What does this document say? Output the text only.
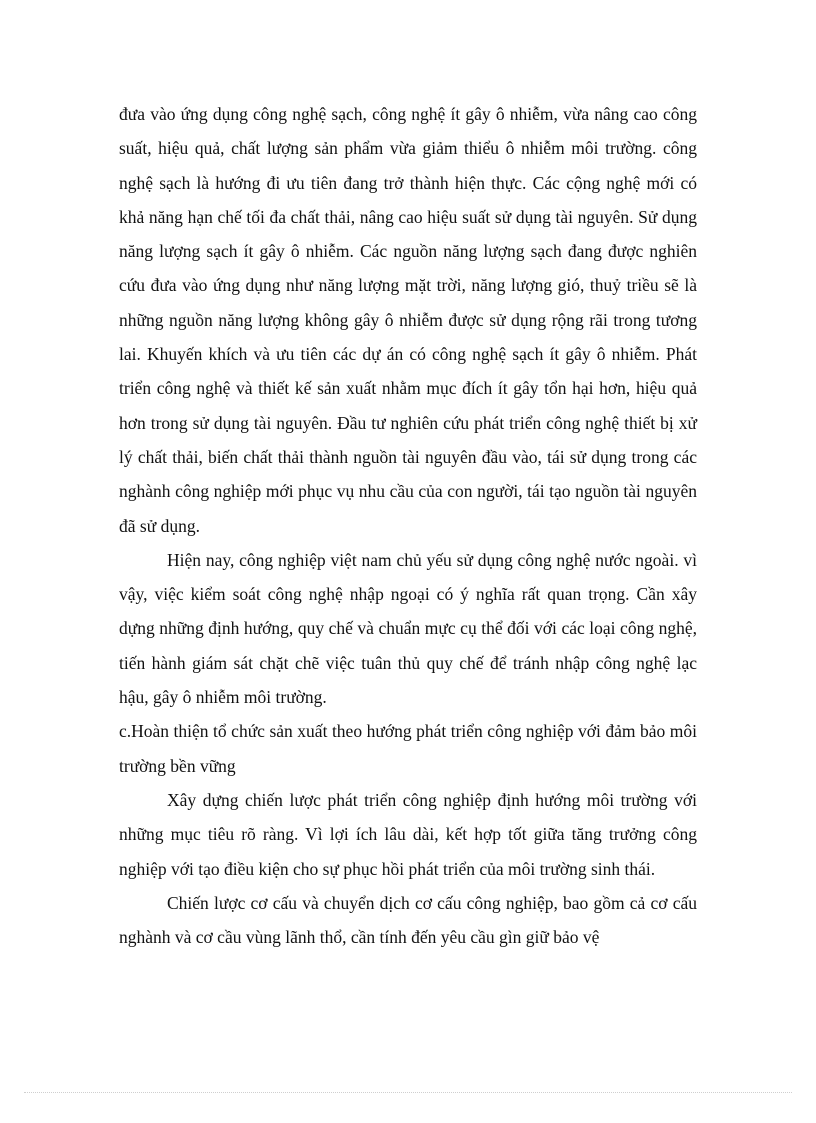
đưa vào ứng dụng công nghệ sạch, công nghệ ít gây ô nhiễm, vừa nâng cao công suất, hiệu quả, chất lượng sản phẩm vừa giảm thiểu ô nhiễm môi trường. công nghệ sạch là hướng đi ưu tiên đang trở thành hiện thực. Các cộng nghệ mới có khả năng hạn chế tối đa chất thải, nâng cao hiệu suất sử dụng tài nguyên. Sử dụng năng lượng sạch ít gây ô nhiễm. Các nguồn năng lượng sạch đang được nghiên cứu đưa vào ứng dụng như năng lượng mặt trời, năng lượng gió, thuỷ triều sẽ là những nguồn năng lượng không gây ô nhiễm được sử dụng rộng rãi trong tương lai. Khuyến khích và ưu tiên các dự án có công nghệ sạch ít gây ô nhiễm. Phát triển công nghệ và thiết kế sản xuất nhằm mục đích ít gây tổn hại hơn, hiệu quả hơn trong sử dụng tài nguyên. Đầu tư nghiên cứu phát triển công nghệ thiết bị xử lý chất thải, biến chất thải thành nguồn tài nguyên đầu vào, tái sử dụng trong các nghành công nghiệp mới phục vụ nhu cầu của con người, tái tạo nguồn tài nguyên đã sử dụng.

Hiện nay, công nghiệp việt nam chủ yếu sử dụng công nghệ nước ngoài. vì vậy, việc kiểm soát công nghệ nhập ngoại có ý nghĩa rất quan trọng. Cần xây dựng những định hướng, quy chế và chuẩn mực cụ thể đối với các loại công nghệ, tiến hành giám sát chặt chẽ việc tuân thủ quy chế để tránh nhập công nghệ lạc hậu, gây ô nhiễm môi trường.

c.Hoàn thiện tổ chức sản xuất theo hướng phát triển công nghiệp với đảm bảo môi trường bền vững

Xây dựng chiến lược phát triển công nghiệp định hướng môi trường với những mục tiêu rõ ràng. Vì lợi ích lâu dài, kết hợp tốt giữa tăng trưởng công nghiệp với tạo điều kiện cho sự phục hồi phát triển của môi trường sinh thái.

Chiến lược cơ cấu và chuyển dịch cơ cấu công nghiệp, bao gồm cả cơ cấu nghành và cơ cầu vùng lãnh thổ, cần tính đến yêu cầu gìn giữ bảo vệ
